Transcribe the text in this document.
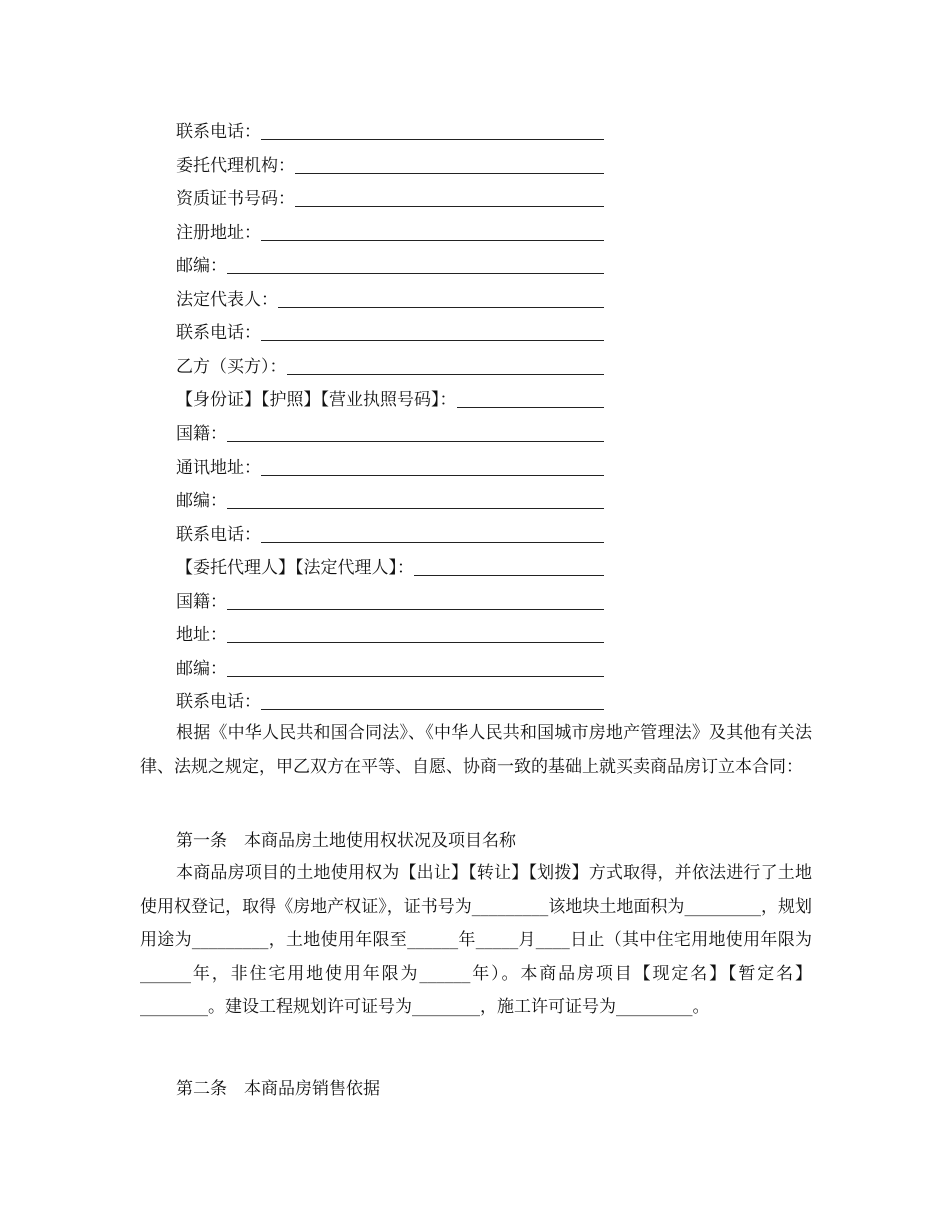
联系电话：
委托代理机构：
资质证书号码：
注册地址：
邮编：
法定代表人：
联系电话：
乙方（买方）：
【身份证】【护照】【营业执照号码】：
国籍：
通讯地址：
邮编：
联系电话：
【委托代理人】【法定代理人】：
国籍：
地址：
邮编：
联系电话：
根据《中华人民共和国合同法》、《中华人民共和国城市房地产管理法》及其他有关法律、法规之规定，甲乙双方在平等、自愿、协商一致的基础上就买卖商品房订立本合同：
第一条　本商品房土地使用权状况及项目名称
本商品房项目的土地使用权为【出让】【转让】【划拨】方式取得，并依法进行了土地使用权登记，取得《房地产权证》，证书号为_________该地块土地面积为_________，规划用途为_________，土地使用年限至______年_____月____日止（其中住宅用地使用年限为______年，非住宅用地使用年限为______年）。本商品房项目【现定名】【暂定名】________。建设工程规划许可证号为________，施工许可证号为_________。
第二条　本商品房销售依据
